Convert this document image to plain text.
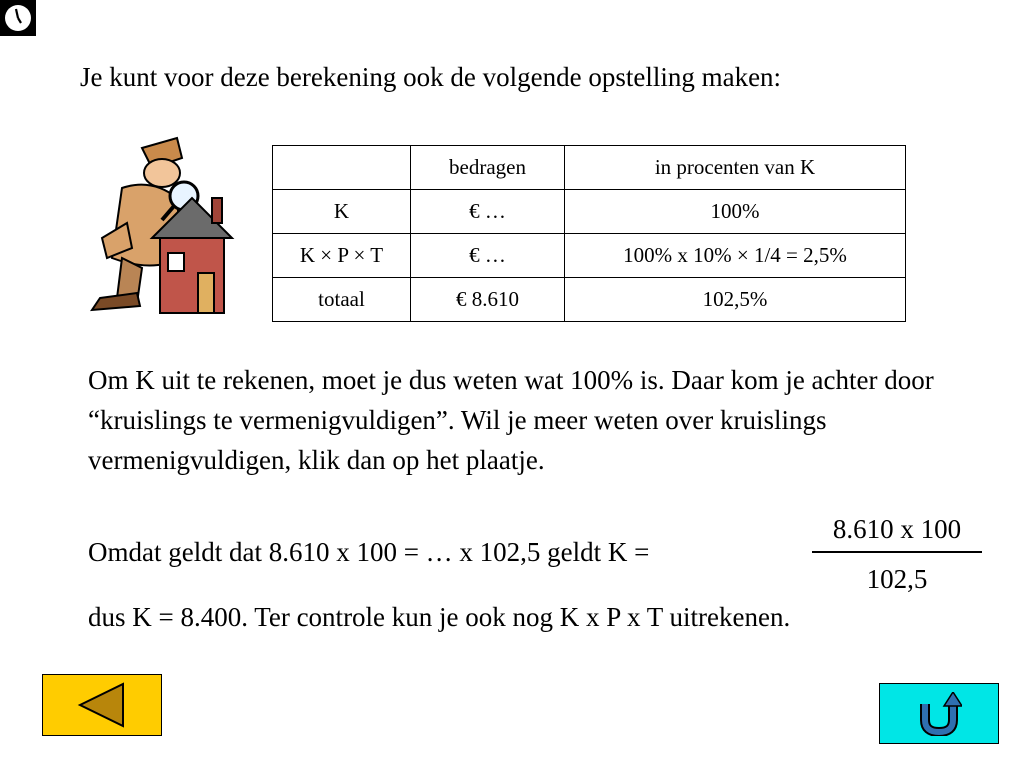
Je kunt voor deze berekening ook de volgende opstelling maken:
	bedragen	in procenten van K
K	€ …	100%
K × P × T	€ …	100% x 10% × 1/4 = 2,5%
totaal	€ 8.610	102,5%
Om K uit te rekenen, moet je dus weten wat 100% is. Daar kom je achter door “kruislings te vermenigvuldigen”. Wil je meer weten over kruislings vermenigvuldigen, klik dan op het plaatje.
Omdat geldt dat 8.610 x 100 = … x 102,5 geldt K =
8.610 x 100
102,5
dus K = 8.400. Ter controle kun je ook nog K x P x T uitrekenen.
